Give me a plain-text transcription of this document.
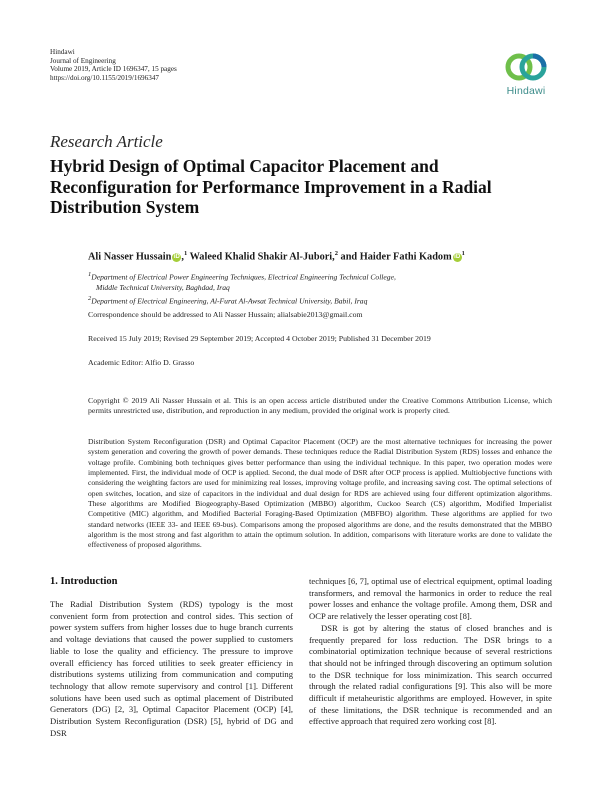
Hindawi
Journal of Engineering
Volume 2019, Article ID 1696347, 15 pages
https://doi.org/10.1155/2019/1696347
Hindawi
Research Article
Hybrid Design of Optimal Capacitor Placement and Reconfiguration for Performance Improvement in a Radial Distribution System
Ali Nasser Hussain iD ,$^1$ Waleed Khalid Shakir Al-Jubori,$^2$ and Haider Fathi Kadom $iD^1$
$^1$Department of Electrical Power Engineering Techniques, Electrical Engineering Technical College,
Middle Technical University, Baghdad, Iraq
$^2$Department of Electrical Engineering, Al-Furat Al-Awsat Technical University, Babil, Iraq
Correspondence should be addressed to Ali Nasser Hussain; alialsabie2013@gmail.com
Received 15 July 2019; Revised 29 September 2019; Accepted 4 October 2019; Published 31 December 2019
Academic Editor: Alfio D. Grasso
Copyright © 2019 Ali Nasser Hussain et al. This is an open access article distributed under the Creative Commons Attribution License, which permits unrestricted use, distribution, and reproduction in any medium, provided the original work is properly cited.
Distribution System Reconfiguration (DSR) and Optimal Capacitor Placement (OCP) are the most alternative techniques for increasing the power system generation and covering the growth of power demands. These techniques reduce the Radial Distribution System (RDS) losses and enhance the voltage profile. Combining both techniques gives better performance than using the individual technique. In this paper, two operation modes were implemented. First, the individual mode of OCP is applied. Second, the dual mode of DSR after OCP process is applied. Multiobjective functions with considering the weighting factors are used for minimizing real losses, improving voltage profile, and increasing saving cost. The optimal selections of open switches, location, and size of capacitors in the individual and dual design for RDS are achieved using four different optimization algorithms. These algorithms are Modified Biogeography-Based Optimization (MBBO) algorithm, Cuckoo Search (CS) algorithm, Modified Imperialist Competitive (MIC) algorithm, and Modified Bacterial Foraging-Based Optimization (MBFBO) algorithm. These algorithms are applied for two standard networks (IEEE 33- and IEEE 69-bus). Comparisons among the proposed algorithms are done, and the results demonstrated that the MBBO algorithm is the most strong and fast algorithm to attain the optimum solution. In addition, comparisons with literature works are done to validate the effectiveness of proposed algorithms.
1. Introduction

The Radial Distribution System (RDS) typology is the most convenient form from protection and control sides. This section of power system suffers from higher losses due to huge branch currents and voltage deviations that caused the power supplied to customers liable to lose the quality and efficiency. The pressure to improve overall efficiency has forced utilities to seek greater efficiency in distributions systems utilizing from communication and computing technology that allow remote supervisory and control [1]. Different solutions have been used such as optimal placement of Distributed Generators (DG) [2, 3], Optimal Capacitor Placement (OCP) [4], Distribution System Reconfiguration (DSR) [5], hybrid of DG and DSR

techniques [6, 7], optimal use of electrical equipment, optimal loading transformers, and removal the harmonics in order to reduce the real power losses and enhance the voltage profile. Among them, DSR and OCP are relatively the lesser operating cost [8].

DSR is got by altering the status of closed branches and is frequently prepared for loss reduction. The DSR brings to a combinatorial optimization technique because of several restrictions that should not be infringed through discovering an optimum solution to the DSR technique for loss minimization. This search occurred through the related radial configurations [9]. This also will be more difficult if metaheuristic algorithms are employed. However, in spite of these limitations, the DSR technique is recommended and an effective approach that required zero working cost [8].
